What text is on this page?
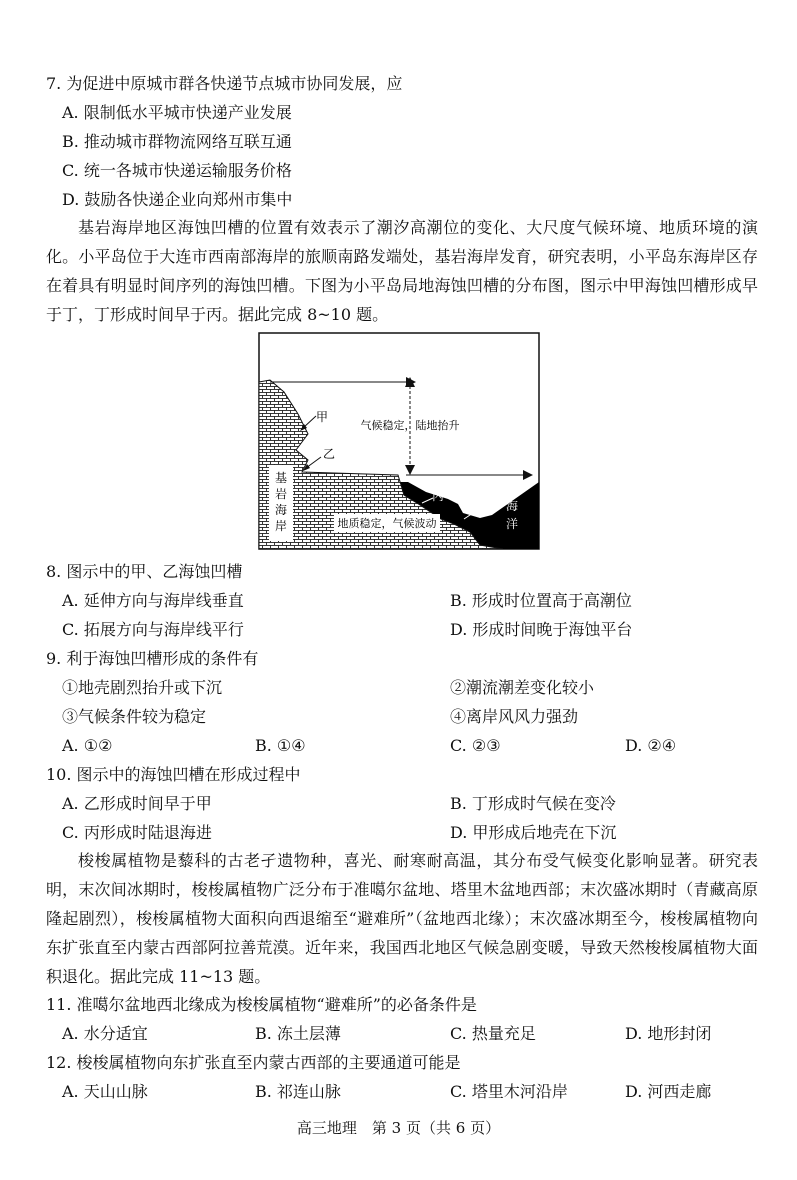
7. 为促进中原城市群各快递节点城市协同发展，应
A. 限制低水平城市快递产业发展
B. 推动城市群物流网络互联互通
C. 统一各城市快递运输服务价格
D. 鼓励各快递企业向郑州市集中
基岩海岸地区海蚀凹槽的位置有效表示了潮汐高潮位的变化、大尺度气候环境、地质环境的演化。小平岛位于大连市西南部海岸的旅顺南路发端处，基岩海岸发育，研究表明，小平岛东海岸区存在着具有明显时间序列的海蚀凹槽。下图为小平岛局地海蚀凹槽的分布图，图示中甲海蚀凹槽形成早于丁，丁形成时间早于丙。据此完成 8~10 题。
基
岩
海
岸	地质稳定，气候波动
气候稳定，陆地抬升
甲
乙
丙
丁 海
洋
8. 图示中的甲、乙海蚀凹槽
A. 延伸方向与海岸线垂直	B. 形成时位置高于高潮位
C. 拓展方向与海岸线平行	D. 形成时间晚于海蚀平台
9. 利于海蚀凹槽形成的条件有
①地壳剧烈抬升或下沉	②潮流潮差变化较小
③气候条件较为稳定	④离岸风风力强劲
A. ①②	B. ①④	C. ②③	D. ②④
10. 图示中的海蚀凹槽在形成过程中
A. 乙形成时间早于甲	B. 丁形成时气候在变冷
C. 丙形成时陆退海进	D. 甲形成后地壳在下沉
梭梭属植物是藜科的古老孑遗物种，喜光、耐寒耐高温，其分布受气候变化影响显著。研究表明，末次间冰期时，梭梭属植物广泛分布于准噶尔盆地、塔里木盆地西部；末次盛冰期时（青藏高原隆起剧烈），梭梭属植物大面积向西退缩至“避难所”（盆地西北缘）；末次盛冰期至今，梭梭属植物向东扩张直至内蒙古西部阿拉善荒漠。近年来，我国西北地区气候急剧变暖，导致天然梭梭属植物大面积退化。据此完成 11~13 题。
11. 准噶尔盆地西北缘成为梭梭属植物“避难所”的必备条件是
A. 水分适宜	B. 冻土层薄	C. 热量充足	D. 地形封闭
12. 梭梭属植物向东扩张直至内蒙古西部的主要通道可能是
A. 天山山脉	B. 祁连山脉	C. 塔里木河沿岸	D. 河西走廊
高三地理　第 3 页（共 6 页）
